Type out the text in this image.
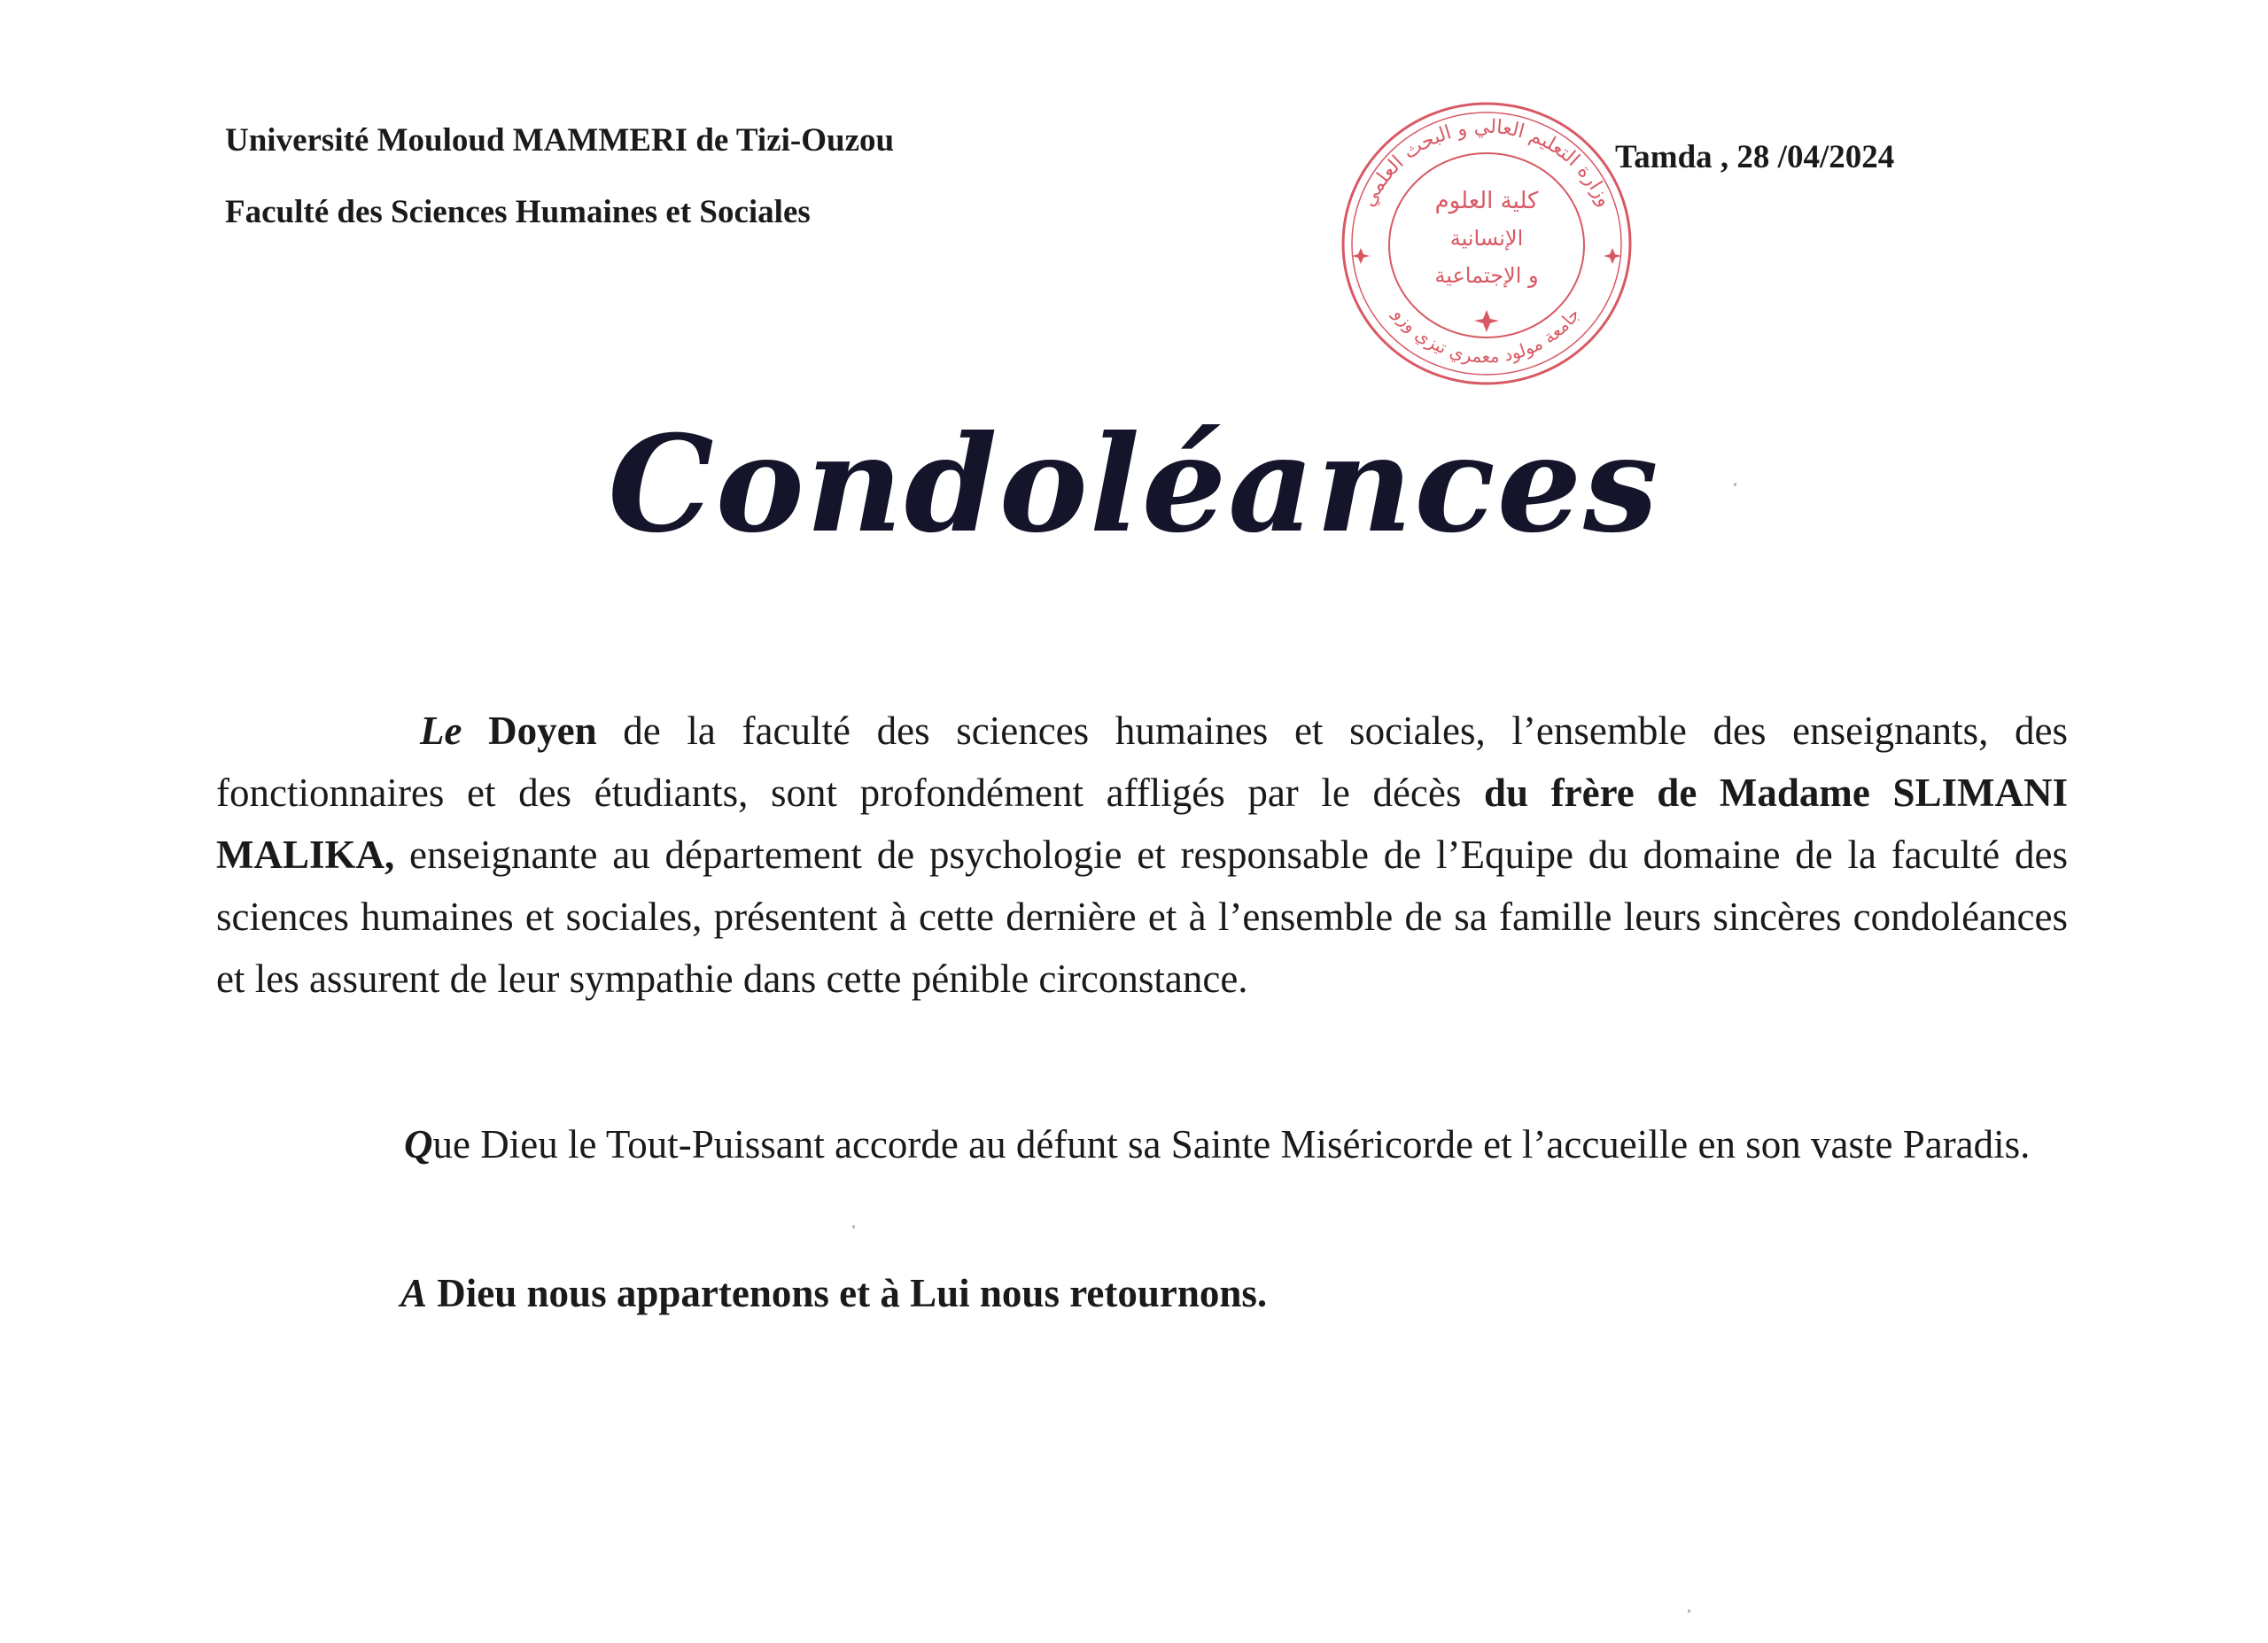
Université Mouloud MAMMERI de Tizi-Ouzou

Faculté des Sciences Humaines et Sociales	وزارة التعليم العالي و البحث العلمي
جامعة مولود معمري تيزي وزو
كلية العلوم
الإنسانية
و الإجتماعية
Tamda , 28 /04/2024
Condoléances

Le Doyen de la faculté des sciences humaines et sociales, l’ensemble des enseignants, des fonctionnaires et des étudiants, sont profondément affligés par le décès du frère de Madame SLIMANI MALIKA, enseignante au département de psychologie et responsable de l’Equipe du domaine de la faculté des sciences humaines et sociales, présentent à cette dernière et à l’ensemble de sa famille leurs sincères condoléances et les assurent de leur sympathie dans cette pénible circonstance.

Que Dieu le Tout-Puissant accorde au défunt sa Sainte Miséricorde et l’accueille en son vaste Paradis.

A Dieu nous appartenons et à Lui nous retournons.
